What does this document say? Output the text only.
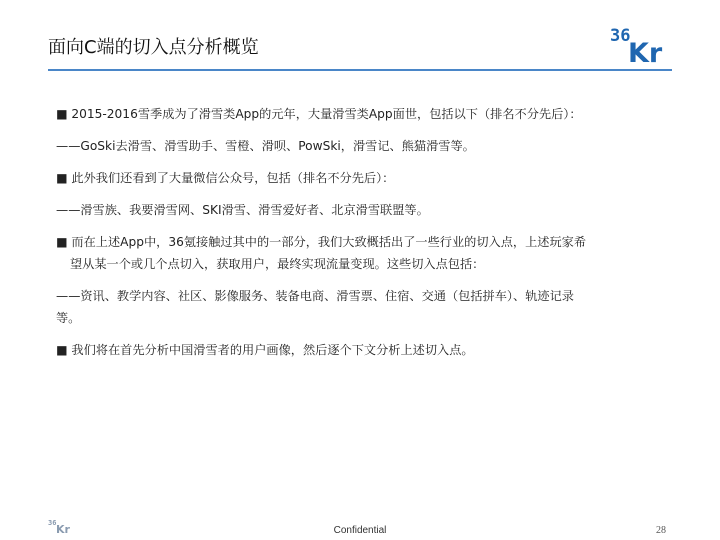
面向C端的切入点分析概览
36
Kr
■ 2015-2016雪季成为了滑雪类App的元年，大量滑雪类App面世，包括以下（排名不分先后）：
——GoSki去滑雪、滑雪助手、雪橙、滑呗、PowSki，滑雪记、熊猫滑雪等。
■ 此外我们还看到了大量微信公众号，包括（排名不分先后）：
——滑雪族、我要滑雪网、SKI滑雪、滑雪爱好者、北京滑雪联盟等。
■ 而在上述App中，36氪接触过其中的一部分，我们大致概括出了一些行业的切入点，上述玩家希
望从某一个或几个点切入，获取用户，最终实现流量变现。这些切入点包括：
——资讯、教学内容、社区、影像服务、装备电商、滑雪票、住宿、交通（包括拼车）、轨迹记录
等。
■ 我们将在首先分析中国滑雪者的用户画像，然后逐个下文分析上述切入点。
36 Kr	Confidential	28
